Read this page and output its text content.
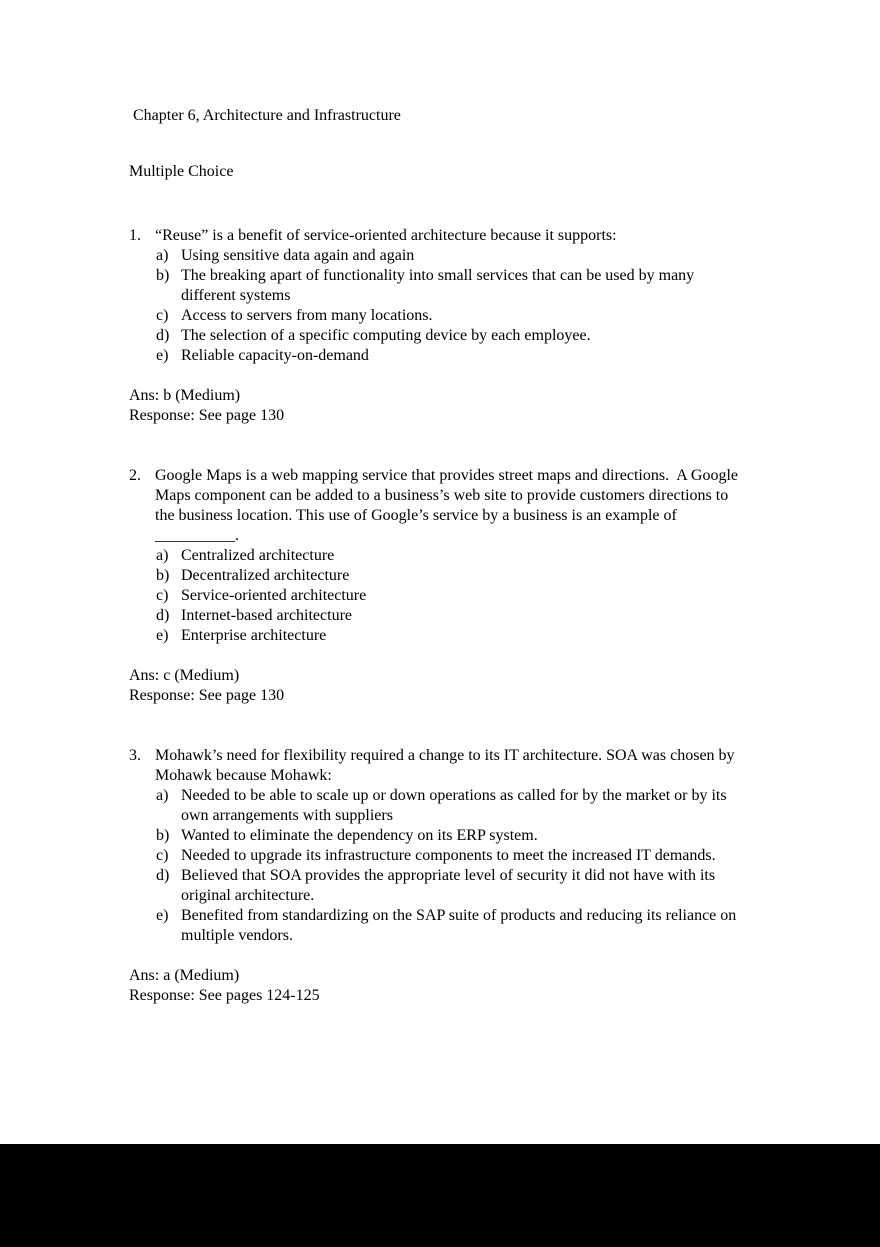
Chapter 6, Architecture and Infrastructure
Multiple Choice
1. “Reuse” is a benefit of service-oriented architecture because it supports:
a) Using sensitive data again and again
b) The breaking apart of functionality into small services that can be used by many different systems
c) Access to servers from many locations.
d) The selection of a specific computing device by each employee.
e) Reliable capacity-on-demand
Ans: b (Medium)
Response: See page 130
2. Google Maps is a web mapping service that provides street maps and directions.  A Google Maps component can be added to a business’s web site to provide customers directions to the business location. This use of Google’s service by a business is an example of __________.
a) Centralized architecture
b) Decentralized architecture
c) Service-oriented architecture
d) Internet-based architecture
e) Enterprise architecture
Ans: c (Medium)
Response: See page 130
3. Mohawk’s need for flexibility required a change to its IT architecture. SOA was chosen by Mohawk because Mohawk:
a) Needed to be able to scale up or down operations as called for by the market or by its own arrangements with suppliers
b) Wanted to eliminate the dependency on its ERP system.
c) Needed to upgrade its infrastructure components to meet the increased IT demands.
d) Believed that SOA provides the appropriate level of security it did not have with its original architecture.
e) Benefited from standardizing on the SAP suite of products and reducing its reliance on multiple vendors.
Ans: a (Medium)
Response: See pages 124-125
